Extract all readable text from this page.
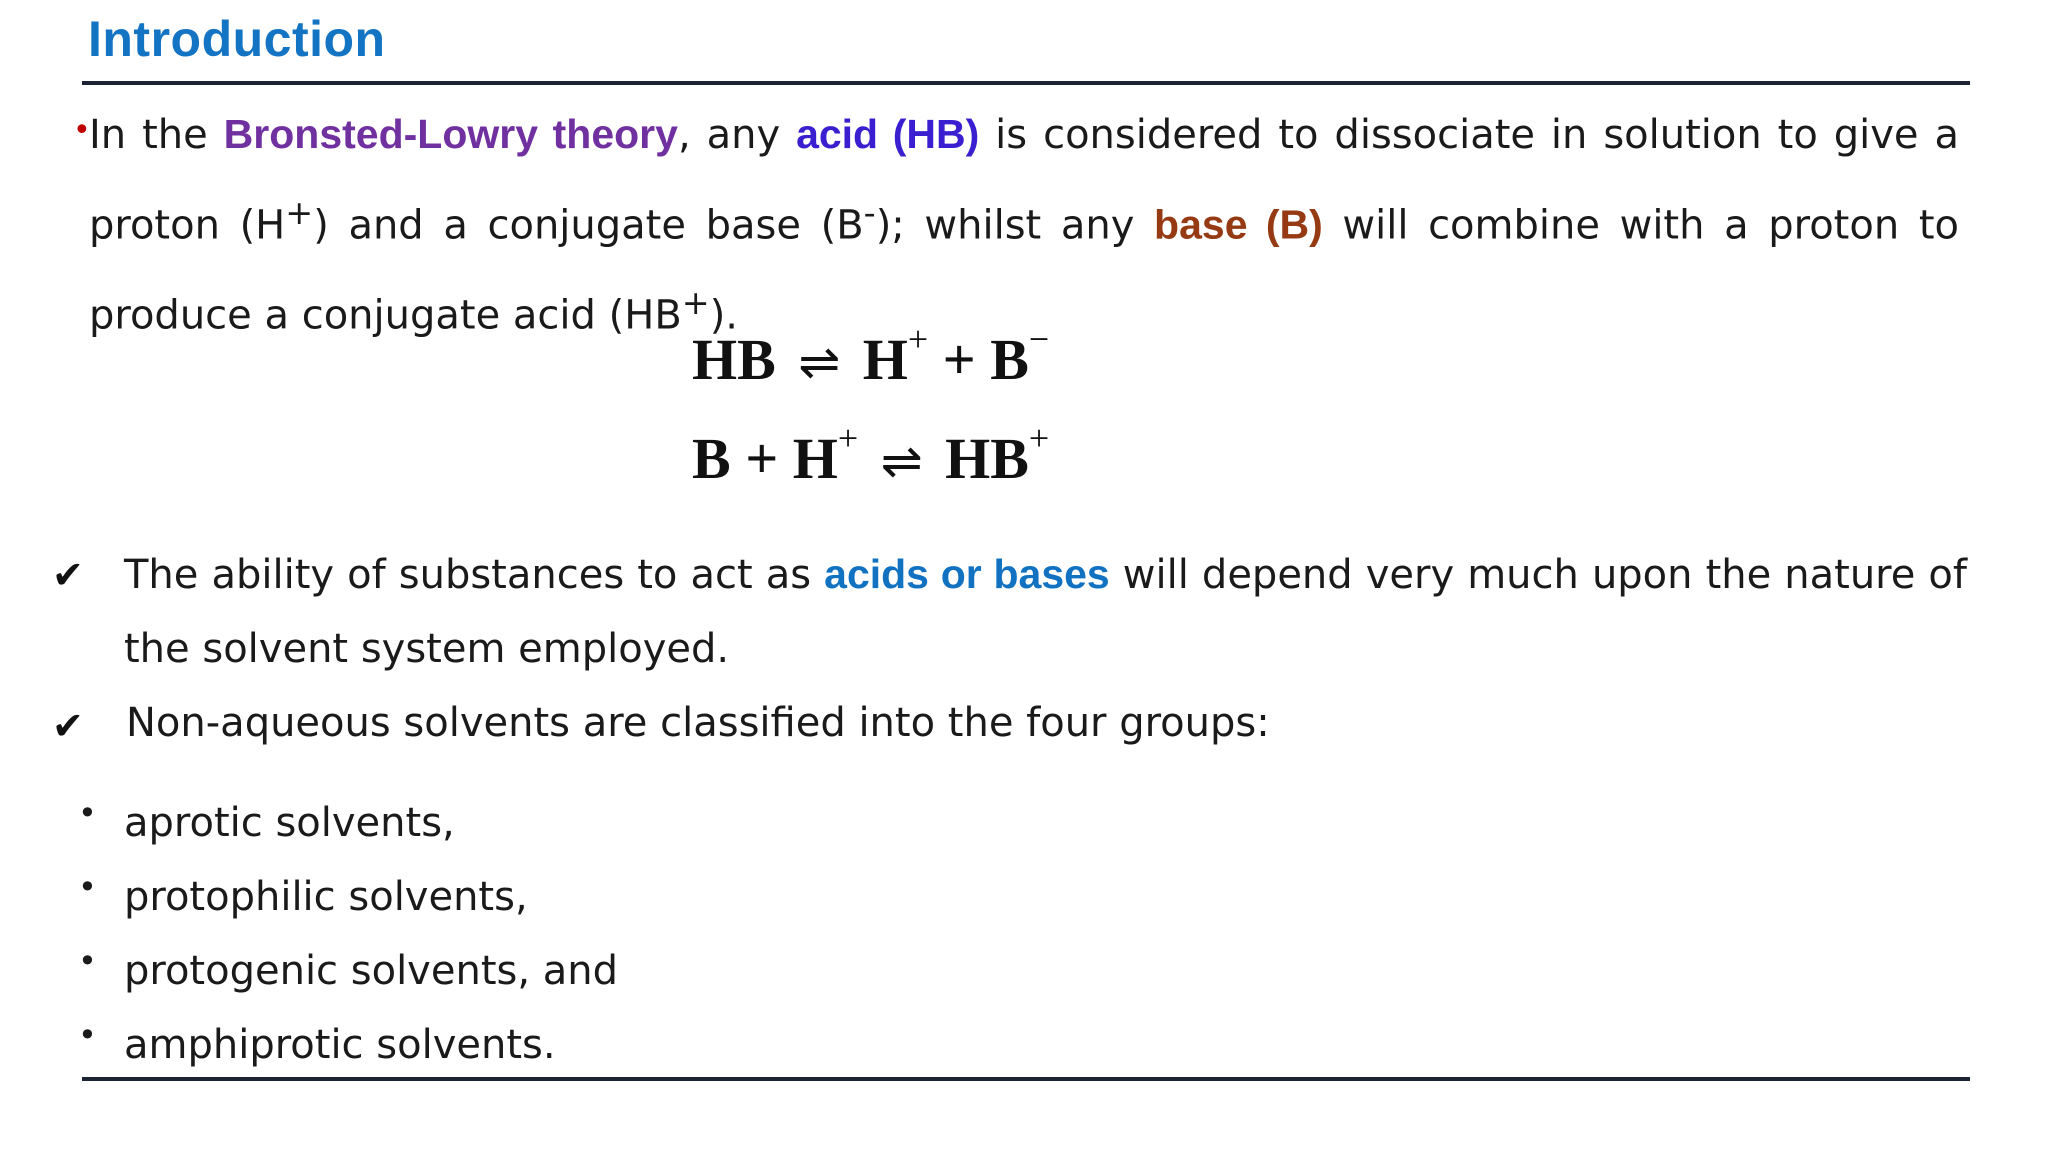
Introduction
•
In the Bronsted-Lowry theory, any acid (HB) is considered to dissociate in solution to give a proton (H+) and a conjugate base (B-); whilst any base (B) will combine with a proton to produce a conjugate acid (HB+).
HB ⇌ H+ + B−
B + H+ ⇌ HB+
✔ The ability of substances to act as acids or bases will depend very much upon the nature of the solvent system employed.
✔ Non-aqueous solvents are classified into the four groups:
• aprotic solvents,
• protophilic solvents,
• protogenic solvents, and
• amphiprotic solvents.
